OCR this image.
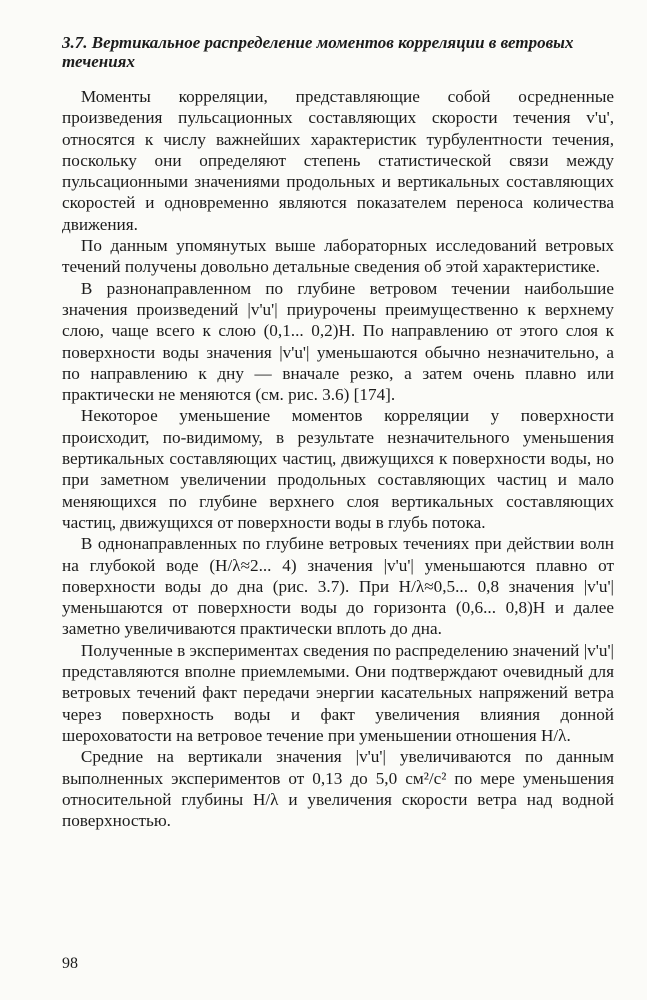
3.7. Вертикальное распределение моментов корреляции в ветровых течениях

Моменты корреляции, представляющие собой осредненные произведения пульсационных составляющих скорости течения v'u', относятся к числу важнейших характеристик турбулентности течения, поскольку они определяют степень статистической связи между пульсационными значениями продольных и вертикальных составляющих скоростей и одновременно являются показателем переноса количества движения.

По данным упомянутых выше лабораторных исследований ветровых течений получены довольно детальные сведения об этой характеристике.

В разнонаправленном по глубине ветровом течении наибольшие значения произведений |v'u'| приурочены преимущественно к верхнему слою, чаще всего к слою (0,1... 0,2)H. По направлению от этого слоя к поверхности воды значения |v'u'| уменьшаются обычно незначительно, а по направлению к дну — вначале резко, а затем очень плавно или практически не меняются (см. рис. 3.6) [174].

Некоторое уменьшение моментов корреляции у поверхности происходит, по-видимому, в результате незначительного уменьшения вертикальных составляющих частиц, движущихся к поверхности воды, но при заметном увеличении продольных составляющих частиц и мало меняющихся по глубине верхнего слоя вертикальных составляющих частиц, движущихся от поверхности воды в глубь потока.

В однонаправленных по глубине ветровых течениях при действии волн на глубокой воде (H/λ≈2... 4) значения |v'u'| уменьшаются плавно от поверхности воды до дна (рис. 3.7). При H/λ≈0,5... 0,8 значения |v'u'| уменьшаются от поверхности воды до горизонта (0,6... 0,8)H и далее заметно увеличиваются практически вплоть до дна.

Полученные в экспериментах сведения по распределению значений |v'u'| представляются вполне приемлемыми. Они подтверждают очевидный для ветровых течений факт передачи энергии касательных напряжений ветра через поверхность воды и факт увеличения влияния донной шероховатости на ветровое течение при уменьшении отношения H/λ.

Средние на вертикали значения |v'u'| увеличиваются по данным выполненных экспериментов от 0,13 до 5,0 см²/с² по мере уменьшения относительной глубины H/λ и увеличения скорости ветра над водной поверхностью.

98
